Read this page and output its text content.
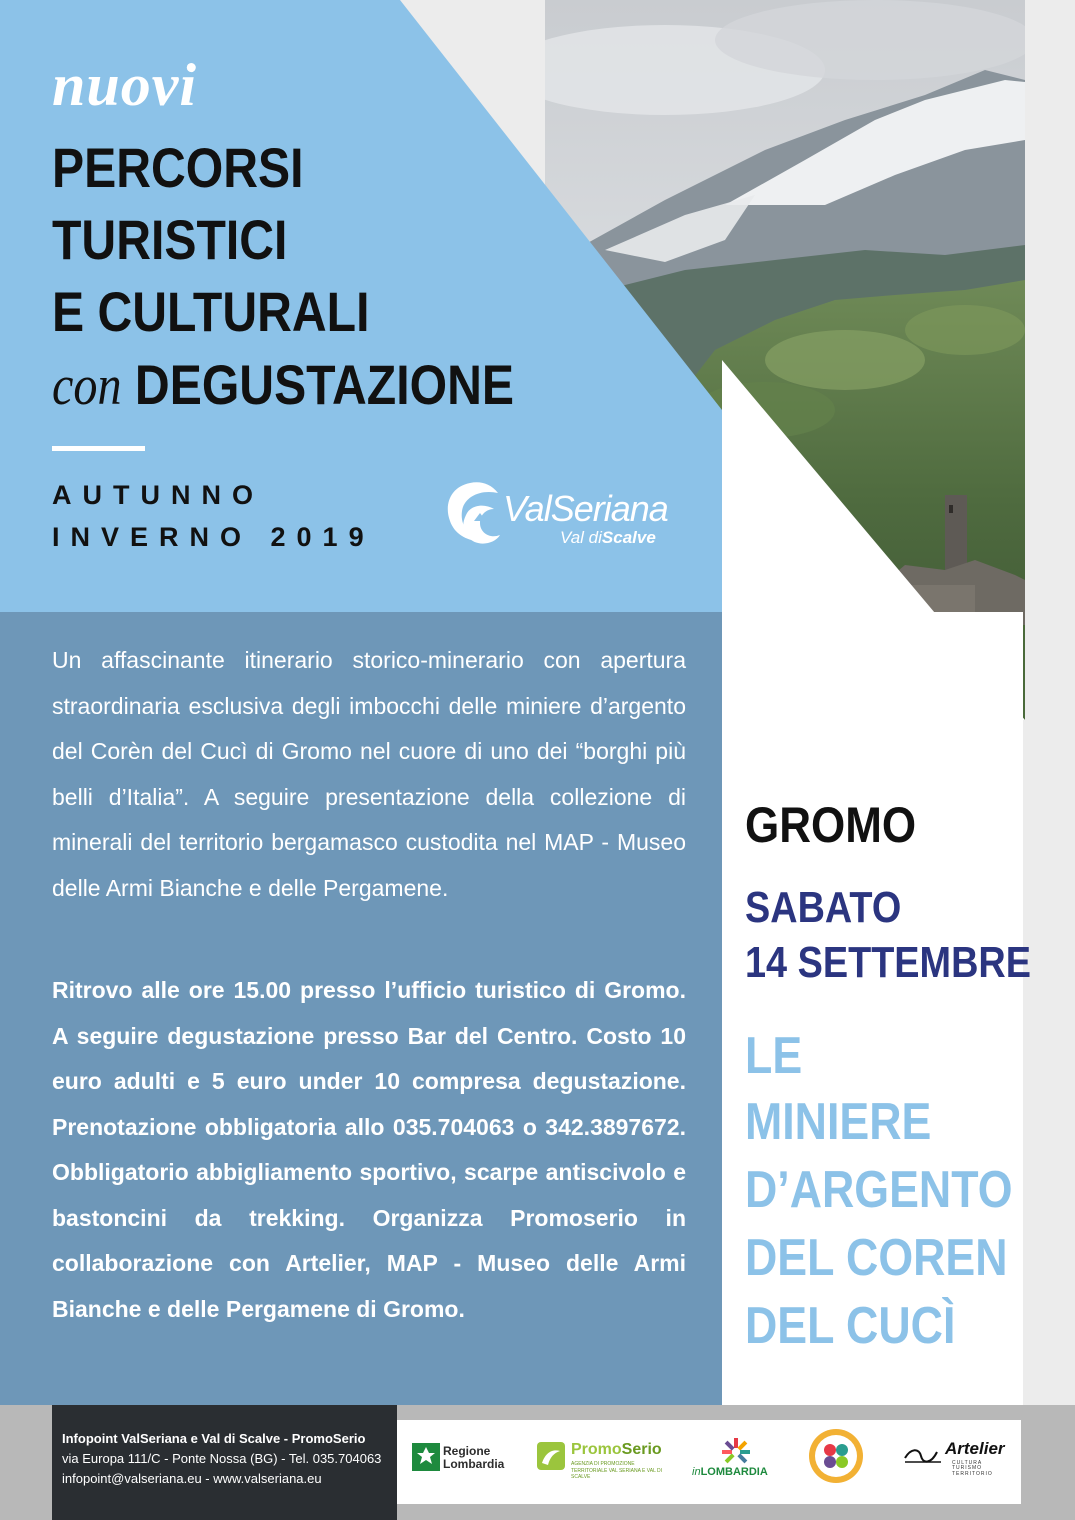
nuovi
PERCORSI
TURISTICI
E CULTURALI
con DEGUSTAZIONE
AUTUNNO
INVERNO 2019
ValSeriana
Val diScalve
Un affascinante itinerario storico-minerario con apertura straordinaria esclusiva degli imbocchi delle miniere d’argento del Corèn del Cucì di Gromo nel cuore di uno dei “borghi più belli d’Italia”. A seguire presentazione della collezione di minerali del territorio bergamasco custodita nel MAP - Museo delle Armi Bianche e delle Pergamene.
Ritrovo alle ore 15.00 presso l’ufficio turistico di Gromo. A seguire degustazione presso Bar del Centro. Costo 10 euro adulti e 5 euro under 10 compresa degustazione. Prenotazione obbligatoria allo 035.704063 o 342.3897672. Obbligatorio abbigliamento sportivo, scarpe antiscivolo e bastoncini da trekking. Organizza Promoserio in collaborazione con Artelier, MAP - Museo delle Armi Bianche e delle Pergamene di Gromo.
GROMO
SABATO
14 SETTEMBRE
LE
MINIERE
D’ARGENTO
DEL COREN
DEL CUCÌ
Infopoint ValSeriana e Val di Scalve - PromoSerio
via Europa 111/C - Ponte Nossa (BG) - Tel. 035.704063
infopoint@valseriana.eu - www.valseriana.eu
Regione
Lombardia
PromoSerio
AGENZIA DI PROMOZIONE TERRITORIALE VAL SERIANA E VAL DI SCALVE	inLOMBARDIA
Artelier
CULTURA TURISMO TERRITORIO
